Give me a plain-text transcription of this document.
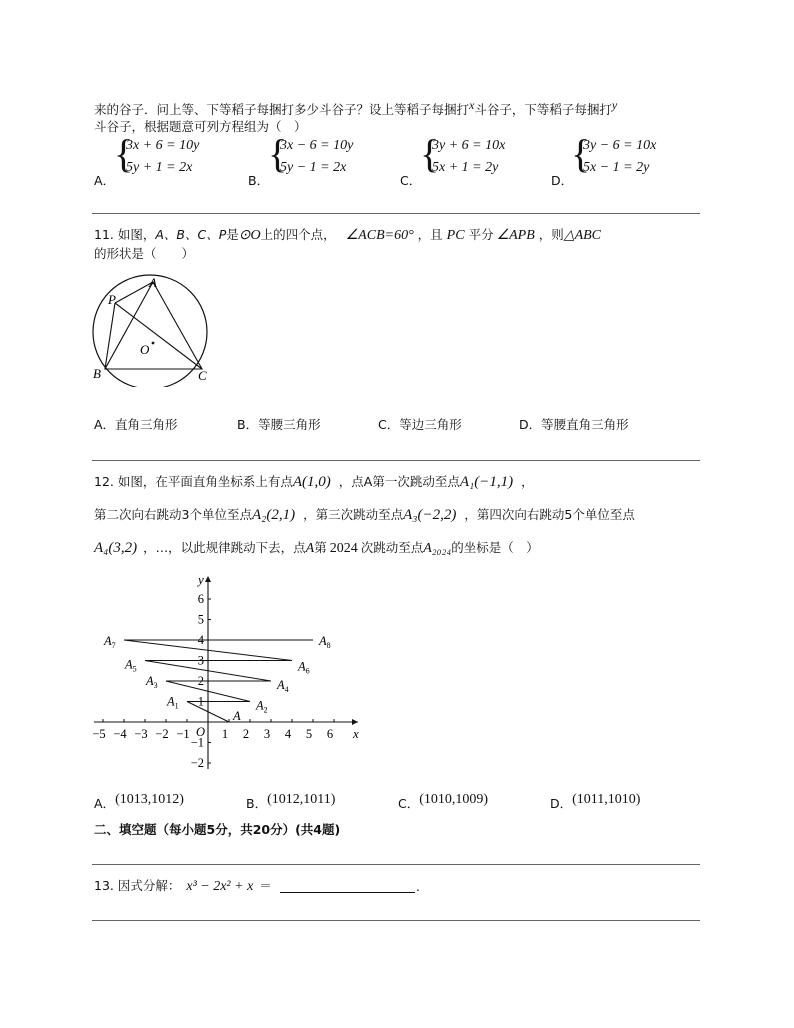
来的谷子．问上等、下等稻子每捆打多少斗谷子？设上等稻子每捆打$^x$斗谷子，下等稻子每捆打$^y$
斗谷子，根据题意可列方程组为（　）
A．
{
3x + 6 = 10y
5y + 1 = 2x
B．
{
3x − 6 = 10y
5y − 1 = 2x
C．
{
3y + 6 = 10x
5x + 1 = 2y
D．
{
3y − 6 = 10x
5x − 1 = 2y
11. 如图，A、B、C、P是⊙O上的四个点， ∠ACB=60° ，且 PC 平分 ∠APB ，则△ABC
的形状是（　　）
A
P
O
B	C
A．直角三角形	B．等腰三角形	C．等边三角形	D．等腰直角三角形
12. 如图，在平面直角坐标系上有点A(1,0) ，点A第一次跳动至点A₁(−1,1) ，
第二次向右跳动3个单位至点A₂(2,1) ，第三次跳动至点A₃(−2,2) ，第四次向右跳动5个单位至点
A₄(3,2) ，…，以此规律跳动下去，点A第 2024 次跳动至点A₂₀₂₄的坐标是（　）
−5 −4 −3 −2 −1	1 2 3 4 5 6
6
5
4
3
2
1
−1
−2
O	x
y
A
$A_1$	$A_2$
$A_3$	$A_4$
$A_5$	$A_6$
$A_7$	$A_8$
A．$^{(1013,1012)}$	B．$^{(1012,1011)}$	C．$^{(1010,1009)}$	D．$^{(1011,1010)}$
二、填空题（每小题5分，共20分）(共4题)
13. 因式分解： x³ − 2x² + x ＝	.
